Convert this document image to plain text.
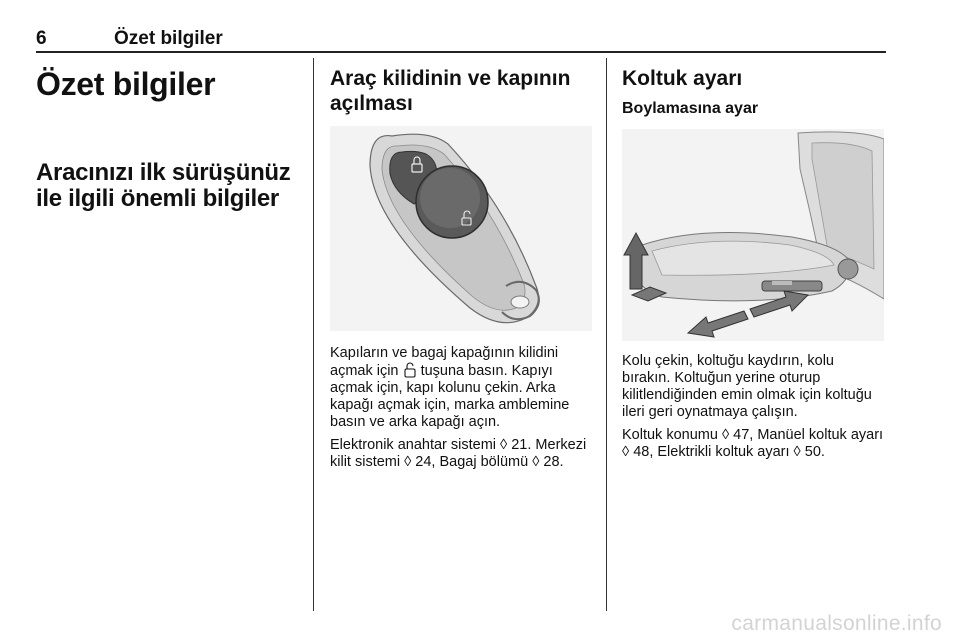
6	Özet bilgiler
Özet bilgiler
Aracınızı ilk sürüşünüz ile ilgili önemli bilgiler
Araç kilidinin ve kapının açılması

Kapıların ve bagaj kapağının kilidini açmak için tuşuna basın. Kapıyı açmak için, kapı kolunu çekin. Arka kapağı açmak için, marka amblemine basın ve arka kapağı açın.

Elektronik anahtar sistemi ◊ 21. Merkezi kilit sistemi ◊ 24, Bagaj bölümü ◊ 28.

Koltuk ayarı
Boylamasına ayar

Kolu çekin, koltuğu kaydırın, kolu bırakın. Koltuğun yerine oturup kilitlendiğinden emin olmak için koltuğu ileri geri oynatmaya çalışın.

Koltuk konumu ◊ 47, Manüel koltuk ayarı ◊ 48, Elektrikli koltuk ayarı ◊ 50.

carmanualsonline.info
